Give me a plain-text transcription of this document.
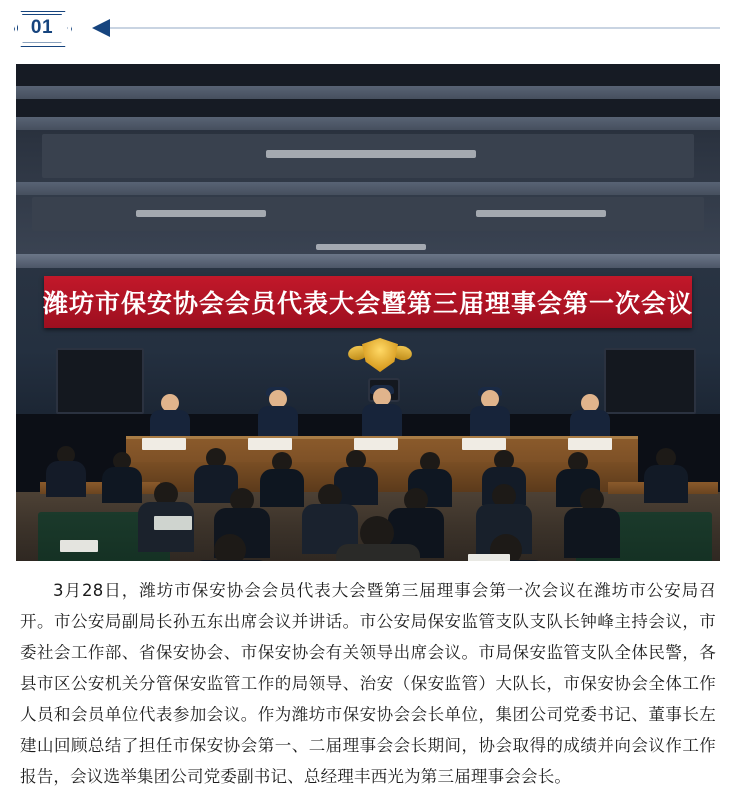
01
潍坊市保安协会会员代表大会暨第三届理事会第一次会议

3月28日，潍坊市保安协会会员代表大会暨第三届理事会第一次会议在潍坊市公安局召开。市公安局副局长孙五东出席会议并讲话。市公安局保安监管支队支队长钟峰主持会议，市委社会工作部、省保安协会、市保安协会有关领导出席会议。市局保安监管支队全体民警，各县市区公安机关分管保安监管工作的局领导、治安（保安监管）大队长，市保安协会全体工作人员和会员单位代表参加会议。作为潍坊市保安协会会长单位，集团公司党委书记、董事长左建山回顾总结了担任市保安协会第一、二届理事会会长期间，协会取得的成绩并向会议作工作报告，会议选举集团公司党委副书记、总经理丰西光为第三届理事会会长。
